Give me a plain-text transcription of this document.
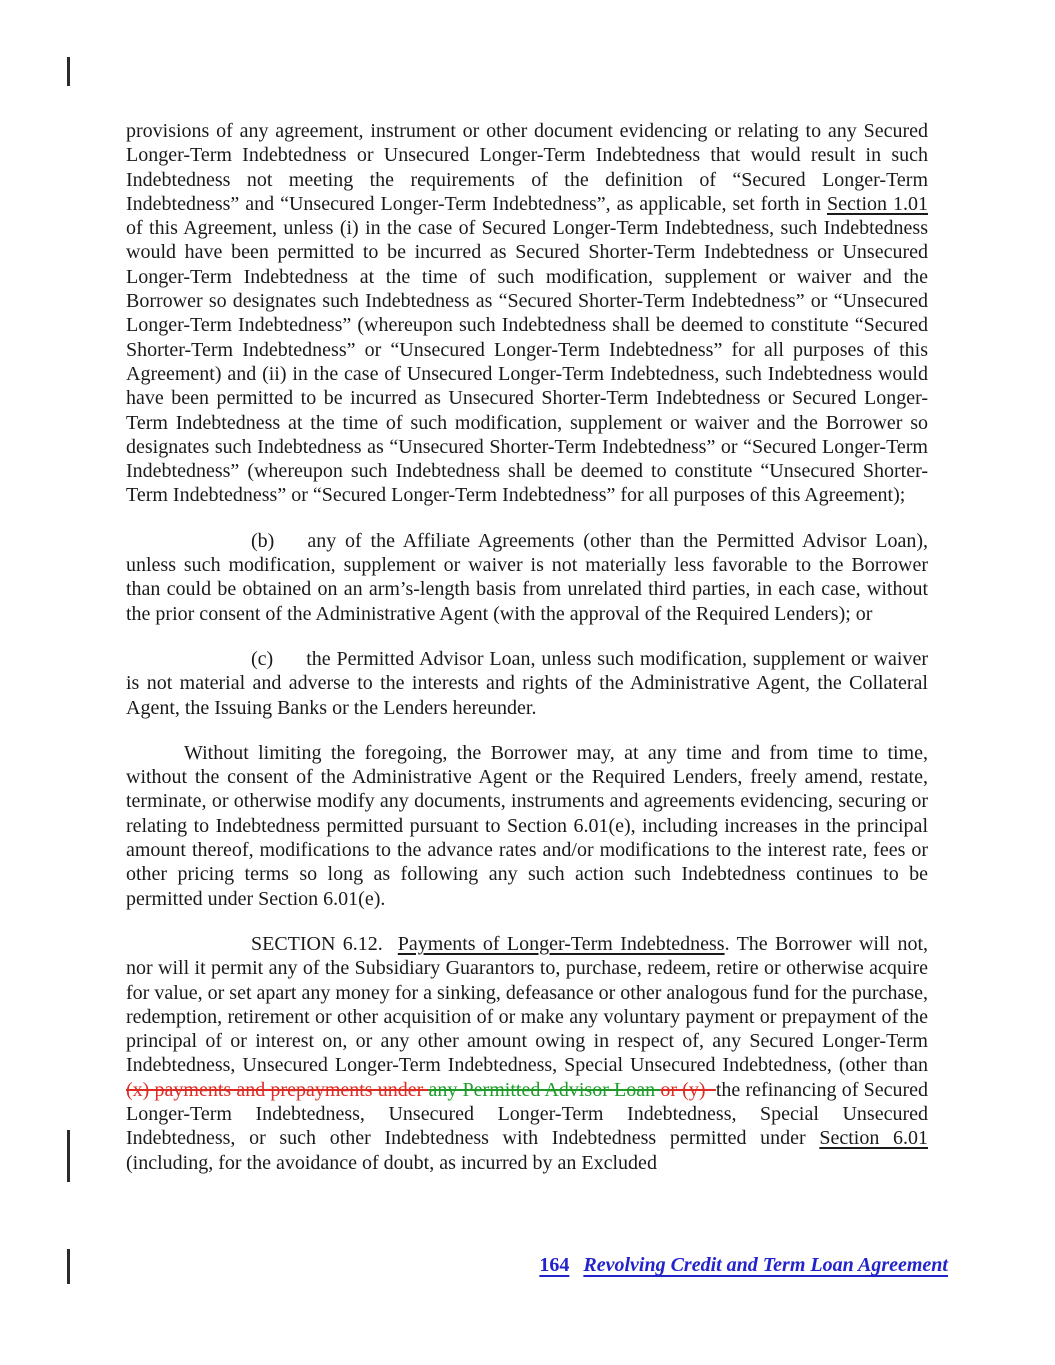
provisions of any agreement, instrument or other document evidencing or relating to any Secured Longer-Term Indebtedness or Unsecured Longer-Term Indebtedness that would result in such Indebtedness not meeting the requirements of the definition of “Secured Longer-Term Indebtedness” and “Unsecured Longer-Term Indebtedness”, as applicable, set forth in Section 1.01 of this Agreement, unless (i) in the case of Secured Longer-Term Indebtedness, such Indebtedness would have been permitted to be incurred as Secured Shorter-Term Indebtedness or Unsecured Longer-Term Indebtedness at the time of such modification, supplement or waiver and the Borrower so designates such Indebtedness as “Secured Shorter-Term Indebtedness” or “Unsecured Longer-Term Indebtedness” (whereupon such Indebtedness shall be deemed to constitute “Secured Shorter-Term Indebtedness” or “Unsecured Longer-Term Indebtedness” for all purposes of this Agreement) and (ii) in the case of Unsecured Longer-Term Indebtedness, such Indebtedness would have been permitted to be incurred as Unsecured Shorter-Term Indebtedness or Secured Longer-Term Indebtedness at the time of such modification, supplement or waiver and the Borrower so designates such Indebtedness as “Unsecured Shorter-Term Indebtedness” or “Secured Longer-Term Indebtedness” (whereupon such Indebtedness shall be deemed to constitute “Unsecured Shorter-Term Indebtedness” or “Secured Longer-Term Indebtedness” for all purposes of this Agreement);

(b) any of the Affiliate Agreements (other than the Permitted Advisor Loan), unless such modification, supplement or waiver is not materially less favorable to the Borrower than could be obtained on an arm’s-length basis from unrelated third parties, in each case, without the prior consent of the Administrative Agent (with the approval of the Required Lenders); or

(c) the Permitted Advisor Loan, unless such modification, supplement or waiver is not material and adverse to the interests and rights of the Administrative Agent, the Collateral Agent, the Issuing Banks or the Lenders hereunder.

Without limiting the foregoing, the Borrower may, at any time and from time to time, without the consent of the Administrative Agent or the Required Lenders, freely amend, restate, terminate, or otherwise modify any documents, instruments and agreements evidencing, securing or relating to Indebtedness permitted pursuant to Section 6.01(e), including increases in the principal amount thereof, modifications to the advance rates and/or modifications to the interest rate, fees or other pricing terms so long as following any such action such Indebtedness continues to be permitted under Section 6.01(e).

SECTION 6.12. Payments of Longer-Term Indebtedness. The Borrower will not, nor will it permit any of the Subsidiary Guarantors to, purchase, redeem, retire or otherwise acquire for value, or set apart any money for a sinking, defeasance or other analogous fund for the purchase, redemption, retirement or other acquisition of or make any voluntary payment or prepayment of the principal of or interest on, or any other amount owing in respect of, any Secured Longer-Term Indebtedness, Unsecured Longer-Term Indebtedness, Special Unsecured Indebtedness, (other than (x) payments and prepayments under any Permitted Advisor Loan or (y)  the refinancing of Secured Longer-Term Indebtedness, Unsecured Longer-Term Indebtedness, Special Unsecured Indebtedness, or such other Indebtedness with Indebtedness permitted under Section 6.01 (including, for the avoidance of doubt, as incurred by an Excluded

164 Revolving Credit and Term Loan Agreement
